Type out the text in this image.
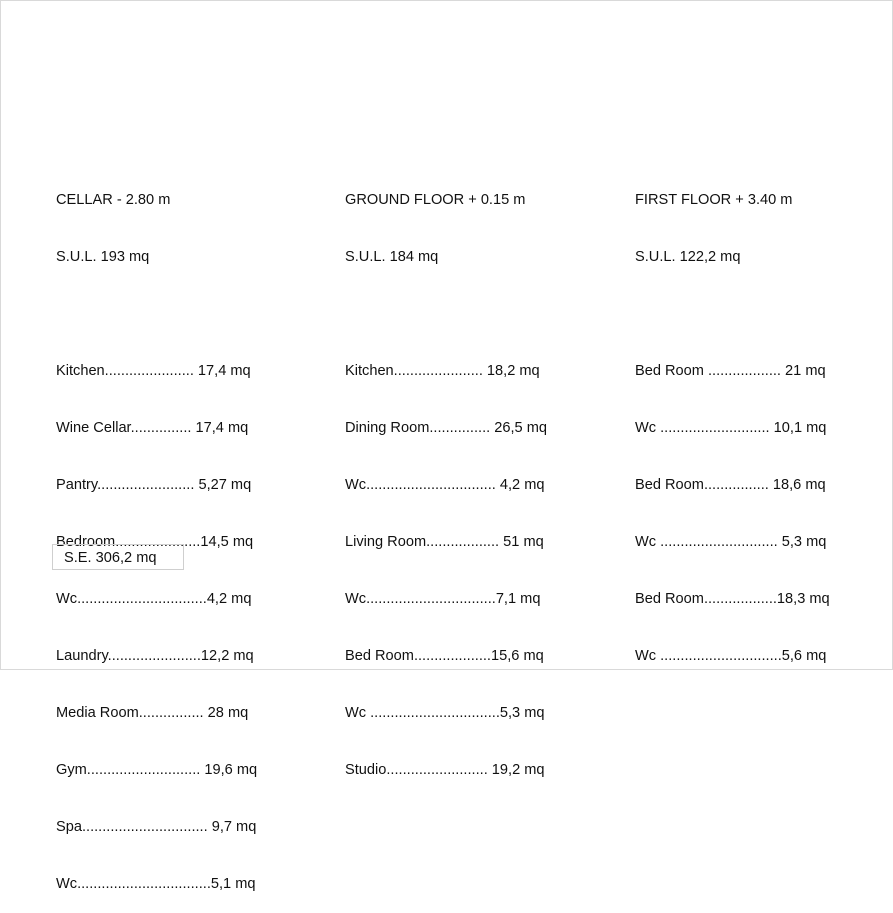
CELLAR - 2.80 m

S.U.L. 193 mq

Kitchen...................... 17,4 mq

Wine Cellar............... 17,4 mq

Pantry........................ 5,27 mq

Bedroom.....................14,5 mq

Wc................................4,2 mq

Laundry.......................12,2 mq

Media Room................ 28 mq

Gym............................ 19,6 mq

Spa............................... 9,7 mq

Wc.................................5,1 mq

GROUND FLOOR + 0.15 m

S.U.L. 184 mq

Kitchen...................... 18,2 mq

Dining Room............... 26,5 mq

Wc................................ 4,2 mq

Living Room.................. 51 mq

Wc................................7,1 mq

Bed Room...................15,6 mq

Wc ................................5,3 mq

Studio......................... 19,2 mq

FIRST FLOOR + 3.40 m

S.U.L. 122,2 mq

Bed Room .................. 21 mq

Wc ........................... 10,1 mq

Bed Room................ 18,6 mq

Wc ............................. 5,3 mq

Bed Room..................18,3 mq

Wc ..............................5,6 mq

S.E. 306,2 mq
